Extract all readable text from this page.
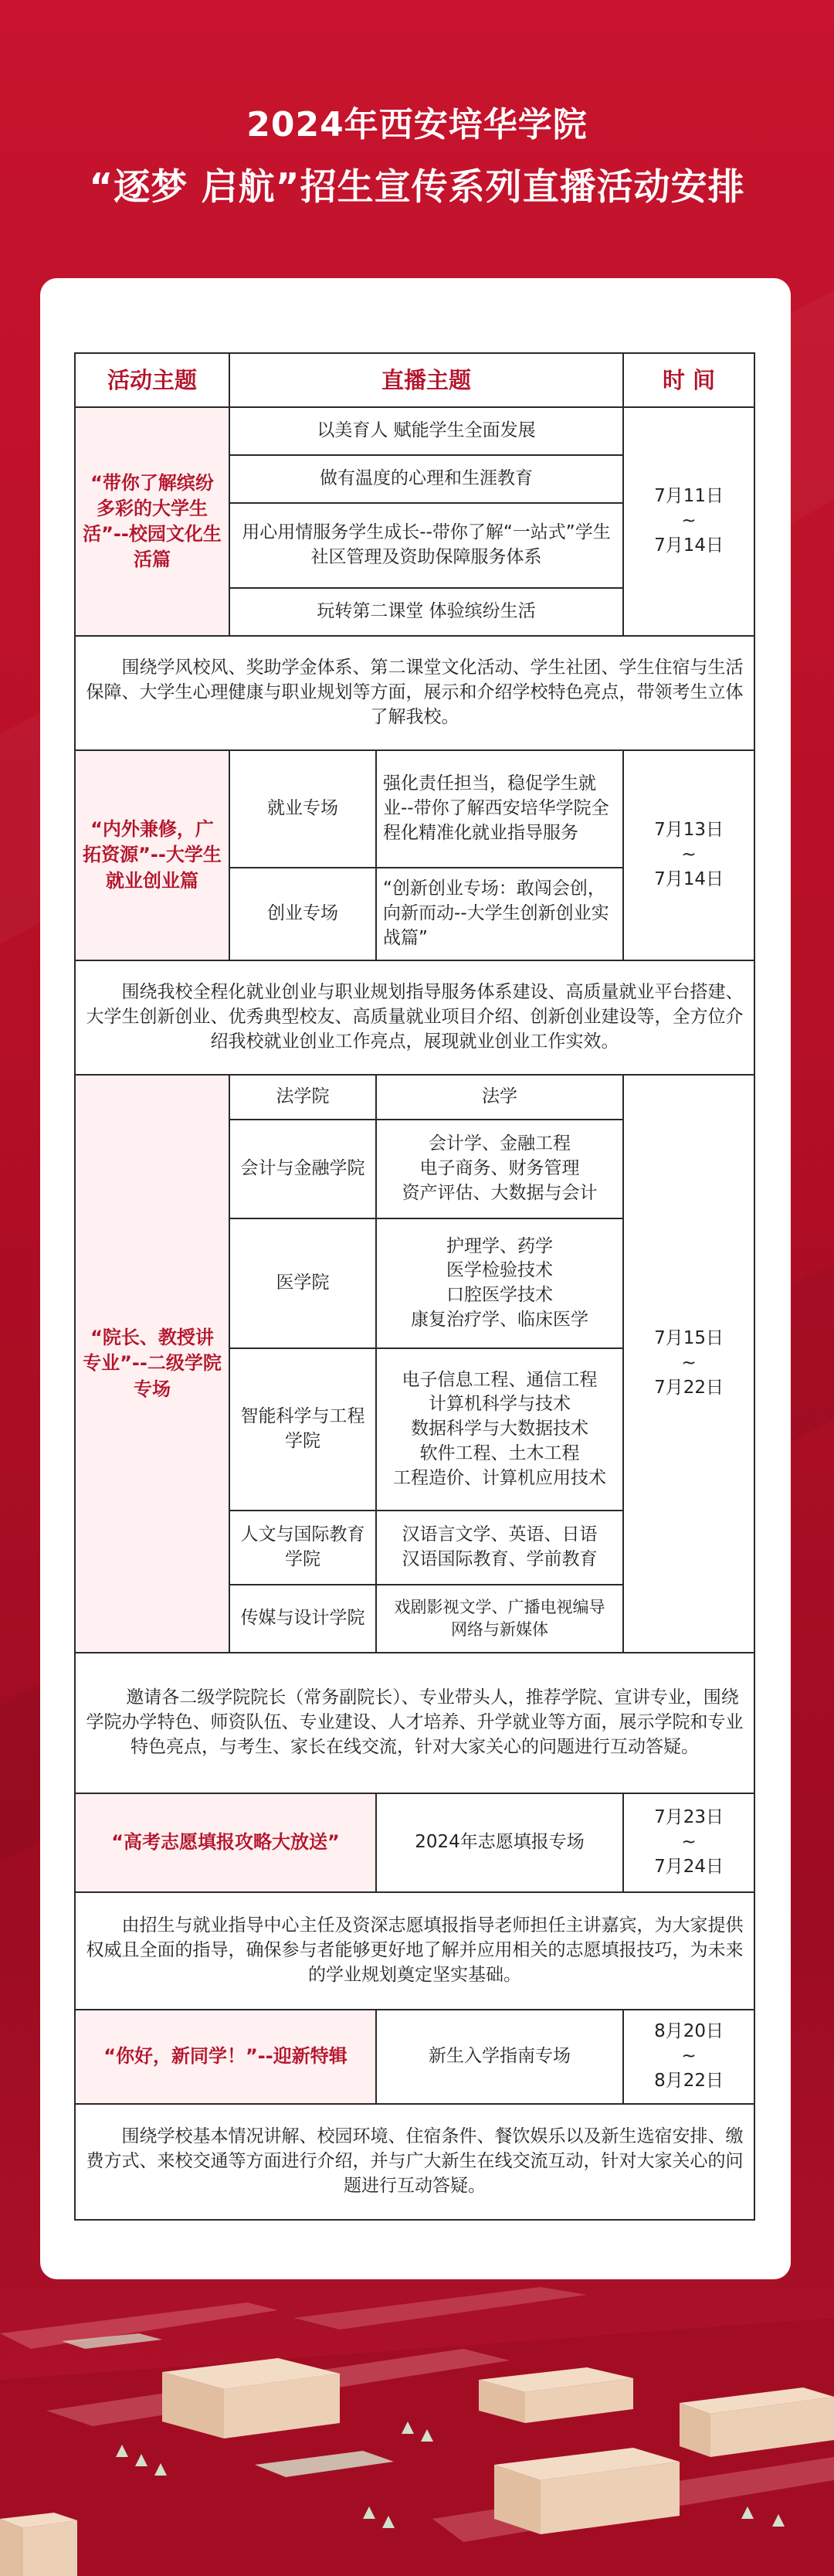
2024年西安培华学院
“逐梦 启航”招生宣传系列直播活动安排
活动主题	直播主题		时 间
“带你了解缤纷多彩的大学生活”--校园文化生活篇	以美育人 赋能学生全面发展		7月11日
~
7月14日

	做有温度的心理和生涯教育		
	用心用情服务学生成长--带你了解“一站式”学生社区管理及资助保障服务体系		
	玩转第二课堂 体验缤纷生活		
围绕学风校风、奖助学金体系、第二课堂文化活动、学生社团、学生住宿与生活保障、大学生心理健康与职业规划等方面，展示和介绍学校特色亮点，带领考生立体了解我校。			
“内外兼修，广拓资源”--大学生就业创业篇	就业专场	强化责任担当，稳促学生就业--带你了解西安培华学院全程化精准化就业指导服务	7月13日
~
7月14日

	创业专场	“创新创业专场：敢闯会创，向新而动--大学生创新创业实战篇”	
围绕我校全程化就业创业与职业规划指导服务体系建设、高质量就业平台搭建、大学生创新创业、优秀典型校友、高质量就业项目介绍、创新创业建设等，全方位介绍我校就业创业工作亮点，展现就业创业工作实效。			
“院长、教授讲专业”--二级学院专场	法学院	法学	7月15日
~
7月22日

	会计与金融学院	会计学、金融工程
电子商务、财务管理
资产评估、大数据与会计	

	医学院	护理学、药学
医学检验技术
口腔医学技术
康复治疗学、临床医学	

	智能科学与工程学院	电子信息工程、通信工程
计算机科学与技术
数据科学与大数据技术
软件工程、土木工程
工程造价、计算机应用技术	

	人文与国际教育学院	汉语言文学、英语、日语
汉语国际教育、学前教育	

	传媒与设计学院	戏剧影视文学、广播电视编导
网络与新媒体	

邀请各二级学院院长（常务副院长）、专业带头人，推荐学院、宣讲专业，围绕学院办学特色、师资队伍、专业建设、人才培养、升学就业等方面，展示学院和专业特色亮点，与考生、家长在线交流，针对大家关心的问题进行互动答疑。			
“高考志愿填报攻略大放送”		2024年志愿填报专场	7月23日
~
7月24日

由招生与就业指导中心主任及资深志愿填报指导老师担任主讲嘉宾，为大家提供权威且全面的指导，确保参与者能够更好地了解并应用相关的志愿填报技巧，为未来的学业规划奠定坚实基础。			
“你好，新同学！”--迎新特辑		新生入学指南专场	8月20日
~
8月22日

围绕学校基本情况讲解、校园环境、住宿条件、餐饮娱乐以及新生选宿安排、缴费方式、来校交通等方面进行介绍，并与广大新生在线交流互动，针对大家关心的问题进行互动答疑。			
